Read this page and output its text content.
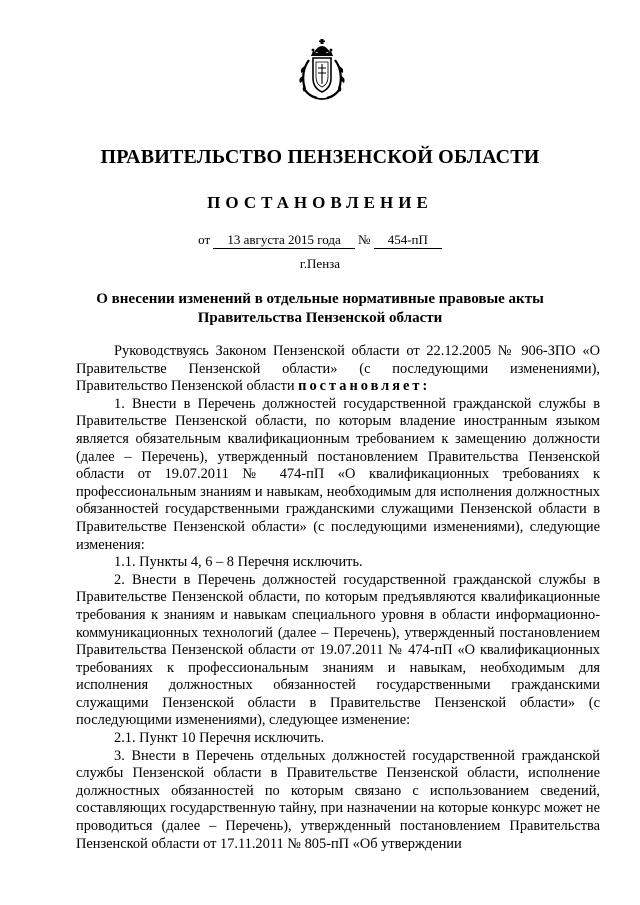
ПРАВИТЕЛЬСТВО ПЕНЗЕНСКОЙ ОБЛАСТИ
ПОСТАНОВЛЕНИЕ
от 13 августа 2015 года № 454-пП
г.Пенза
О внесении изменений в отдельные нормативные правовые акты
Правительства Пензенской области

Руководствуясь Законом Пензенской области от 22.12.2005 № 906-ЗПО «О Правительстве Пензенской области» (с последующими изменениями), Правительство Пензенской области постановляет:

1. Внести в Перечень должностей государственной гражданской службы в Правительстве Пензенской области, по которым владение иностранным языком является обязательным квалификационным требованием к замещению должности (далее – Перечень), утвержденный постановлением Правительства Пензенской области от 19.07.2011 № 474-пП «О квалификационных требованиях к профессиональным знаниям и навыкам, необходимым для исполнения должностных обязанностей государственными гражданскими служащими Пензенской области в Правительстве Пензенской области» (с последующими изменениями), следующие изменения:

1.1. Пункты 4, 6 – 8 Перечня исключить.

2. Внести в Перечень должностей государственной гражданской службы в Правительстве Пензенской области, по которым предъявляются квалификационные требования к знаниям и навыкам специального уровня в области информационно-коммуникационных технологий (далее – Перечень), утвержденный постановлением Правительства Пензенской области от 19.07.2011 № 474-пП «О квалификационных требованиях к профессиональным знаниям и навыкам, необходимым для исполнения должностных обязанностей государственными гражданскими служащими Пензенской области в Правительстве Пензенской области» (с последующими изменениями), следующее изменение:

2.1. Пункт 10 Перечня исключить.

3. Внести в Перечень отдельных должностей государственной гражданской службы Пензенской области в Правительстве Пензенской области, исполнение должностных обязанностей по которым связано с использованием сведений, составляющих государственную тайну, при назначении на которые конкурс может не проводиться (далее – Перечень), утвержденный постановлением Правительства Пензенской области от 17.11.2011 № 805-пП «Об утверждении
